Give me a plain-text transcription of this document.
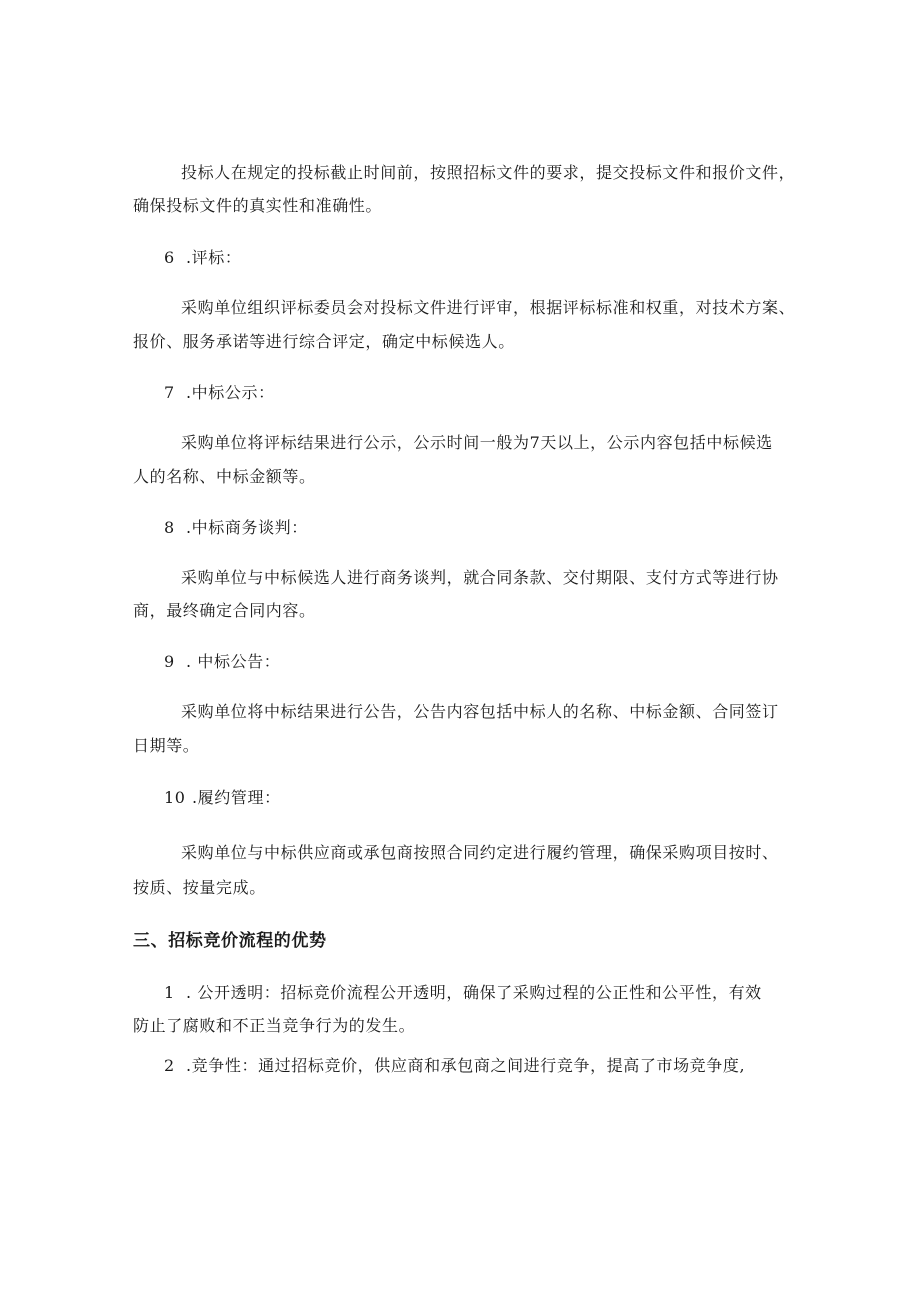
投标人在规定的投标截止时间前，按照招标文件的要求，提交投标文件和报价文件，
确保投标文件的真实性和准确性。
6 .评标：
采购单位组织评标委员会对投标文件进行评审，根据评标标准和权重，对技术方案、
报价、服务承诺等进行综合评定，确定中标候选人。
7 .中标公示：
采购单位将评标结果进行公示，公示时间一般为7天以上，公示内容包括中标候选
人的名称、中标金额等。
8 .中标商务谈判：
采购单位与中标候选人进行商务谈判，就合同条款、交付期限、支付方式等进行协
商，最终确定合同内容。
9 . 中标公告：
采购单位将中标结果进行公告，公告内容包括中标人的名称、中标金额、合同签订
日期等。
10 .履约管理：
采购单位与中标供应商或承包商按照合同约定进行履约管理，确保采购项目按时、
按质、按量完成。
三、招标竞价流程的优势
1 . 公开透明：招标竞价流程公开透明，确保了采购过程的公正性和公平性，有效
防止了腐败和不正当竞争行为的发生。
2 .竞争性：通过招标竞价，供应商和承包商之间进行竞争，提高了市场竞争度,
